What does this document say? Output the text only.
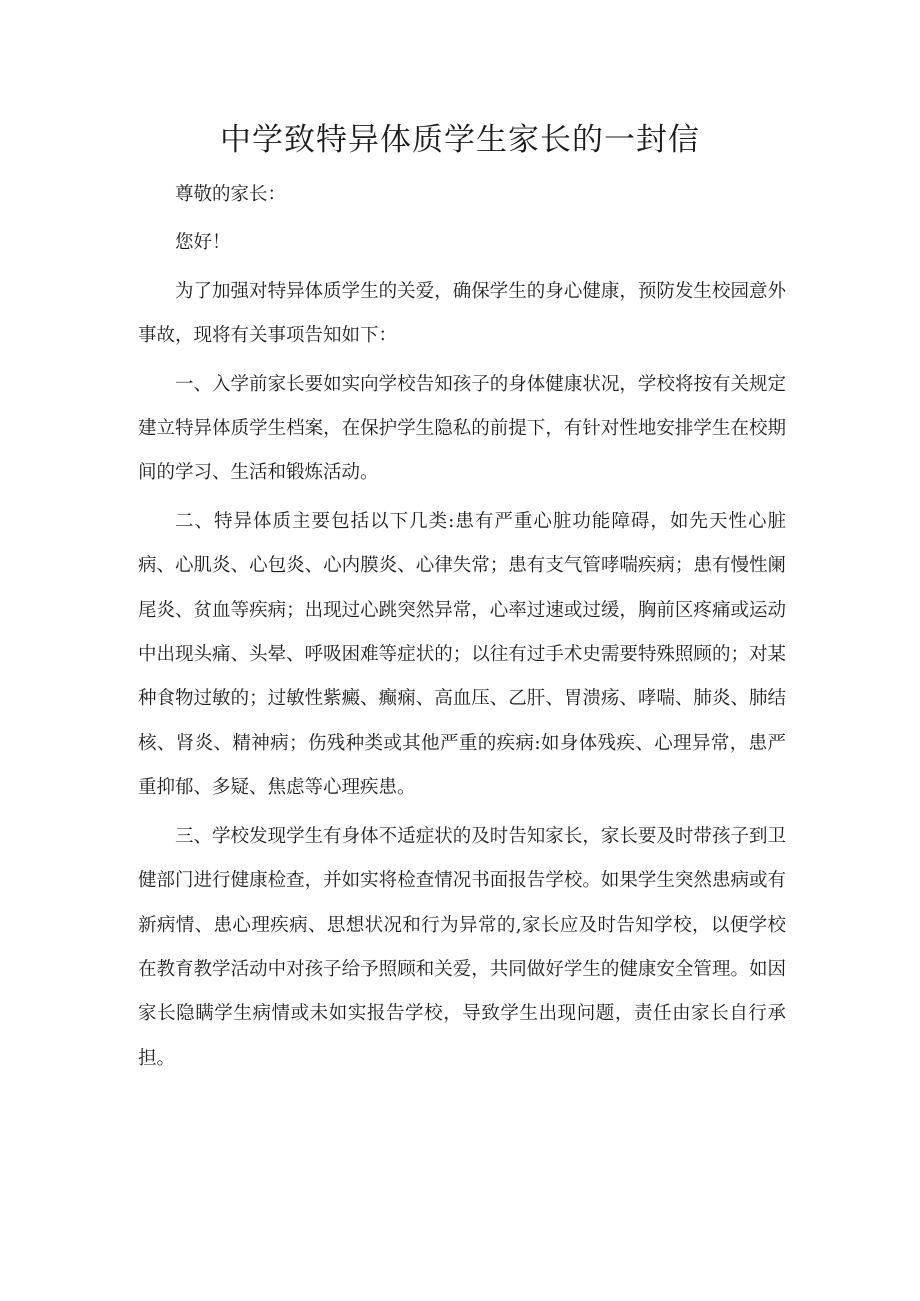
中学致特异体质学生家长的一封信

尊敬的家长：

您好！

为了加强对特异体质学生的关爱，确保学生的身心健康，预防发生校园意外事故，现将有关事项告知如下：

一、入学前家长要如实向学校告知孩子的身体健康状况，学校将按有关规定建立特异体质学生档案，在保护学生隐私的前提下，有针对性地安排学生在校期间的学习、生活和锻炼活动。

二、特异体质主要包括以下几类:患有严重心脏功能障碍，如先天性心脏病、心肌炎、心包炎、心内膜炎、心律失常；患有支气管哮喘疾病；患有慢性阑尾炎、贫血等疾病；出现过心跳突然异常，心率过速或过缓，胸前区疼痛或运动中出现头痛、头晕、呼吸困难等症状的；以往有过手术史需要特殊照顾的；对某种食物过敏的；过敏性紫癜、癫痫、高血压、乙肝、胃溃疡、哮喘、肺炎、肺结核、肾炎、精神病；伤残种类或其他严重的疾病:如身体残疾、心理异常，患严重抑郁、多疑、焦虑等心理疾患。

三、学校发现学生有身体不适症状的及时告知家长，家长要及时带孩子到卫健部门进行健康检查，并如实将检查情况书面报告学校。如果学生突然患病或有新病情、患心理疾病、思想状况和行为异常的,家长应及时告知学校，以便学校在教育教学活动中对孩子给予照顾和关爱，共同做好学生的健康安全管理。如因家长隐瞒学生病情或未如实报告学校，导致学生出现问题，责任由家长自行承担。
